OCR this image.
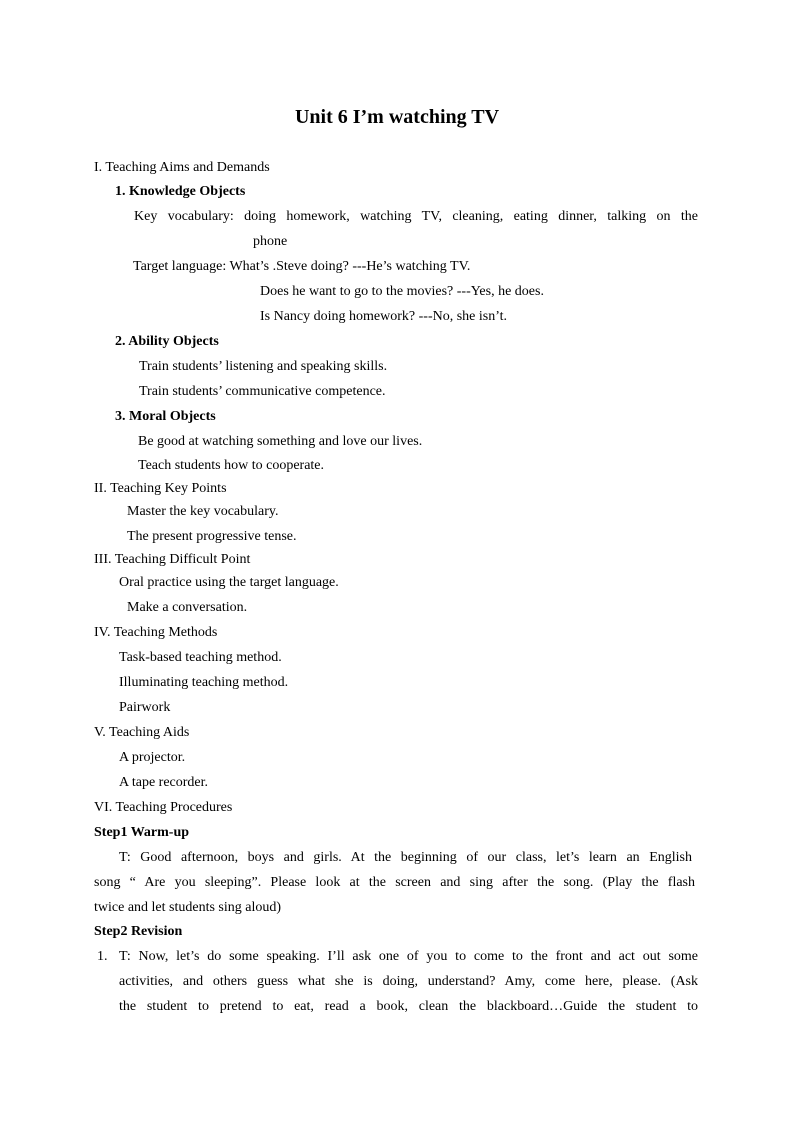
Unit 6 I’m watching TV
I. Teaching Aims and Demands
1. Knowledge Objects
Key vocabulary: doing homework, watching TV, cleaning, eating dinner, talking on the
phone
Target language: What’s .Steve doing? ---He’s watching TV.
Does he want to go to the movies? ---Yes, he does.
Is Nancy doing homework? ---No, she isn’t.
2. Ability Objects
Train students’ listening and speaking skills.
Train students’ communicative competence.
3. Moral Objects
Be good at watching something and love our lives.
Teach students how to cooperate.
II. Teaching Key Points
Master the key vocabulary.
The present progressive tense.
III. Teaching Difficult Point
Oral practice using the target language.
Make a conversation.
IV. Teaching Methods
Task-based teaching method.
Illuminating teaching method.
Pairwork
V. Teaching Aids
A projector.
A tape recorder.
VI. Teaching Procedures
Step1 Warm-up
T: Good afternoon, boys and girls. At the beginning of our class, let’s learn an English
song “ Are you sleeping”. Please look at the screen and sing after the song. (Play the flash
twice and let students sing aloud)
Step2 Revision
1. T: Now, let’s do some speaking. I’ll ask one of you to come to the front and act out some
activities, and others guess what she is doing, understand? Amy, come here, please. (Ask
the student to pretend to eat, read a book, clean the blackboard…Guide the student to
